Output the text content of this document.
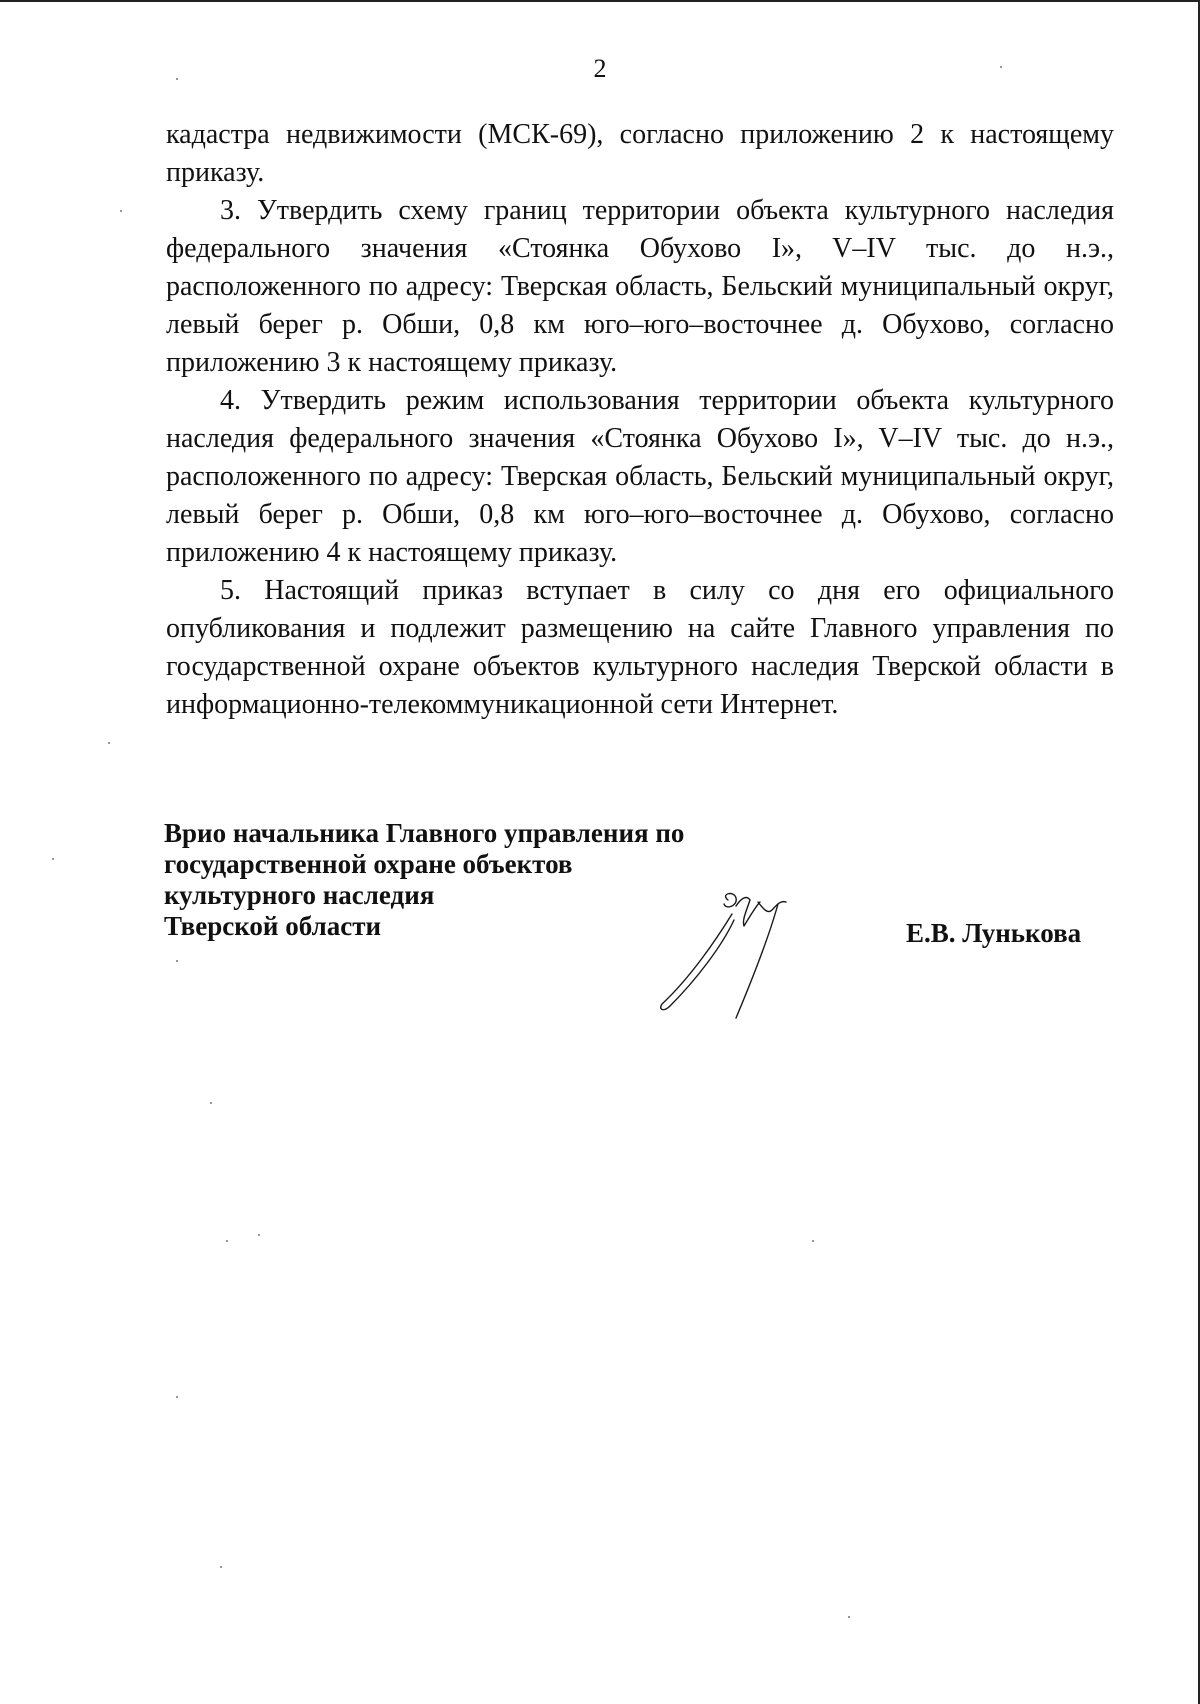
2

кадастра недвижимости (МСК-69), согласно приложению 2 к настоящему приказу.

3. Утвердить схему границ территории объекта культурного наследия федерального значения «Стоянка Обухово I», V–IV тыс. до н.э., расположенного по адресу: Тверская область, Бельский муниципальный округ, левый берег р. Обши, 0,8 км юго–юго–восточнее д. Обухово, согласно приложению 3 к настоящему приказу.

4. Утвердить режим использования территории объекта культурного наследия федерального значения «Стоянка Обухово I», V–IV тыс. до н.э., расположенного по адресу: Тверская область, Бельский муниципальный округ, левый берег р. Обши, 0,8 км юго–юго–восточнее д. Обухово, согласно приложению 4 к настоящему приказу.

5. Настоящий приказ вступает в силу со дня его официального опубликования и подлежит размещению на сайте Главного управления по государственной охране объектов культурного наследия Тверской области в информационно-телекоммуникационной сети Интернет.

Врио начальника Главного управления по
государственной охране объектов
культурного наследия
Тверской области	Е.В. Лунькова
